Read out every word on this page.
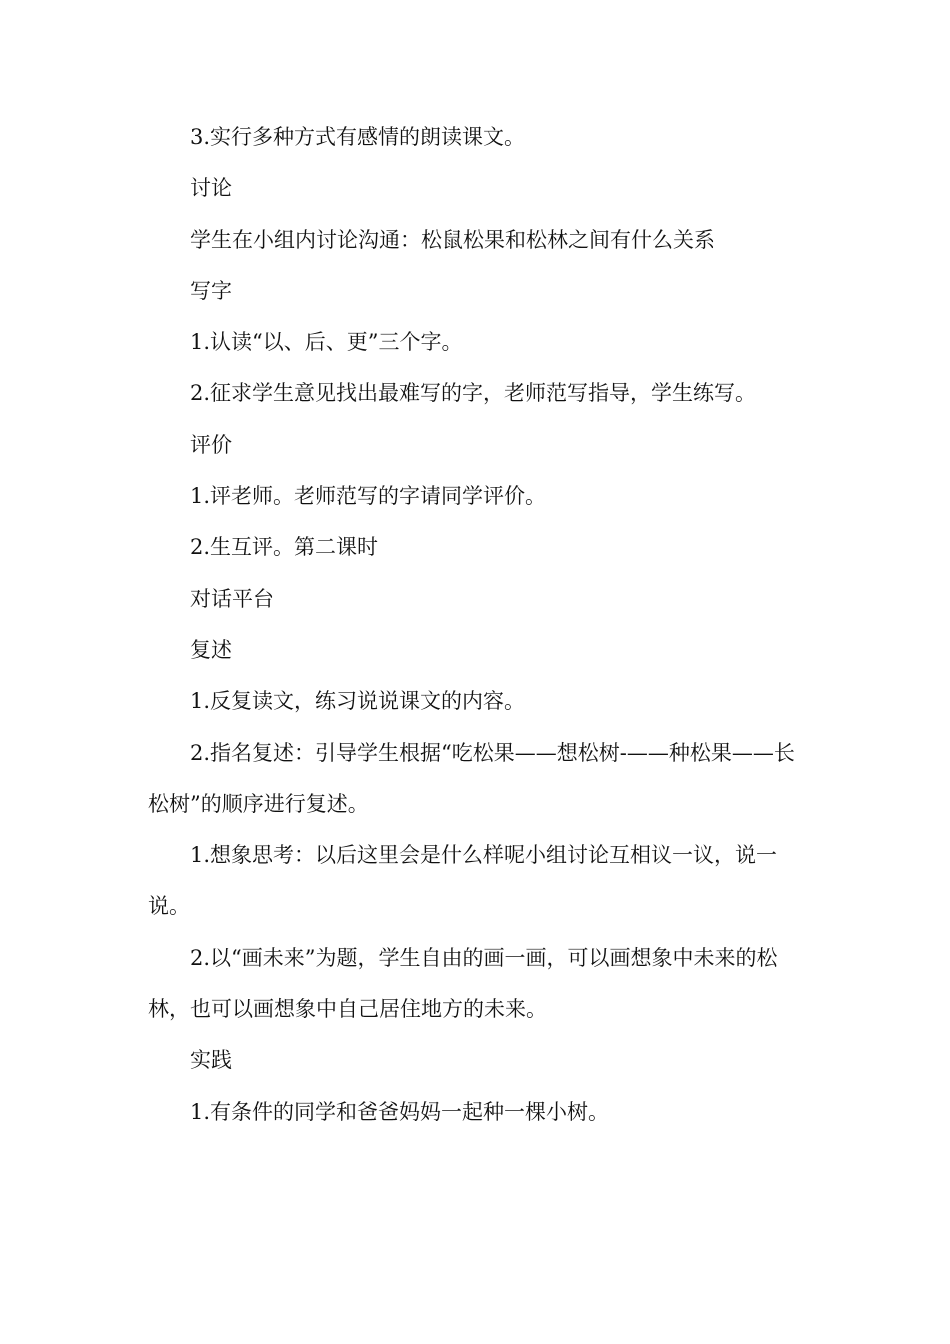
3.实行多种方式有感情的朗读课文。

讨论

学生在小组内讨论沟通：松鼠松果和松林之间有什么关系

写字

1.认读“以、后、更”三个字。

2.征求学生意见找出最难写的字，老师范写指导，学生练写。

评价

1.评老师。老师范写的字请同学评价。

2.生互评。第二课时

对话平台

复述

1.反复读文，练习说说课文的内容。

2.指名复述：引导学生根据“吃松果——想松树-——种松果——长松树”的顺序进行复述。

1.想象思考：以后这里会是什么样呢小组讨论互相议一议，说一说。

2.以“画未来”为题，学生自由的画一画，可以画想象中未来的松林，也可以画想象中自己居住地方的未来。

实践

1.有条件的同学和爸爸妈妈一起种一棵小树。
